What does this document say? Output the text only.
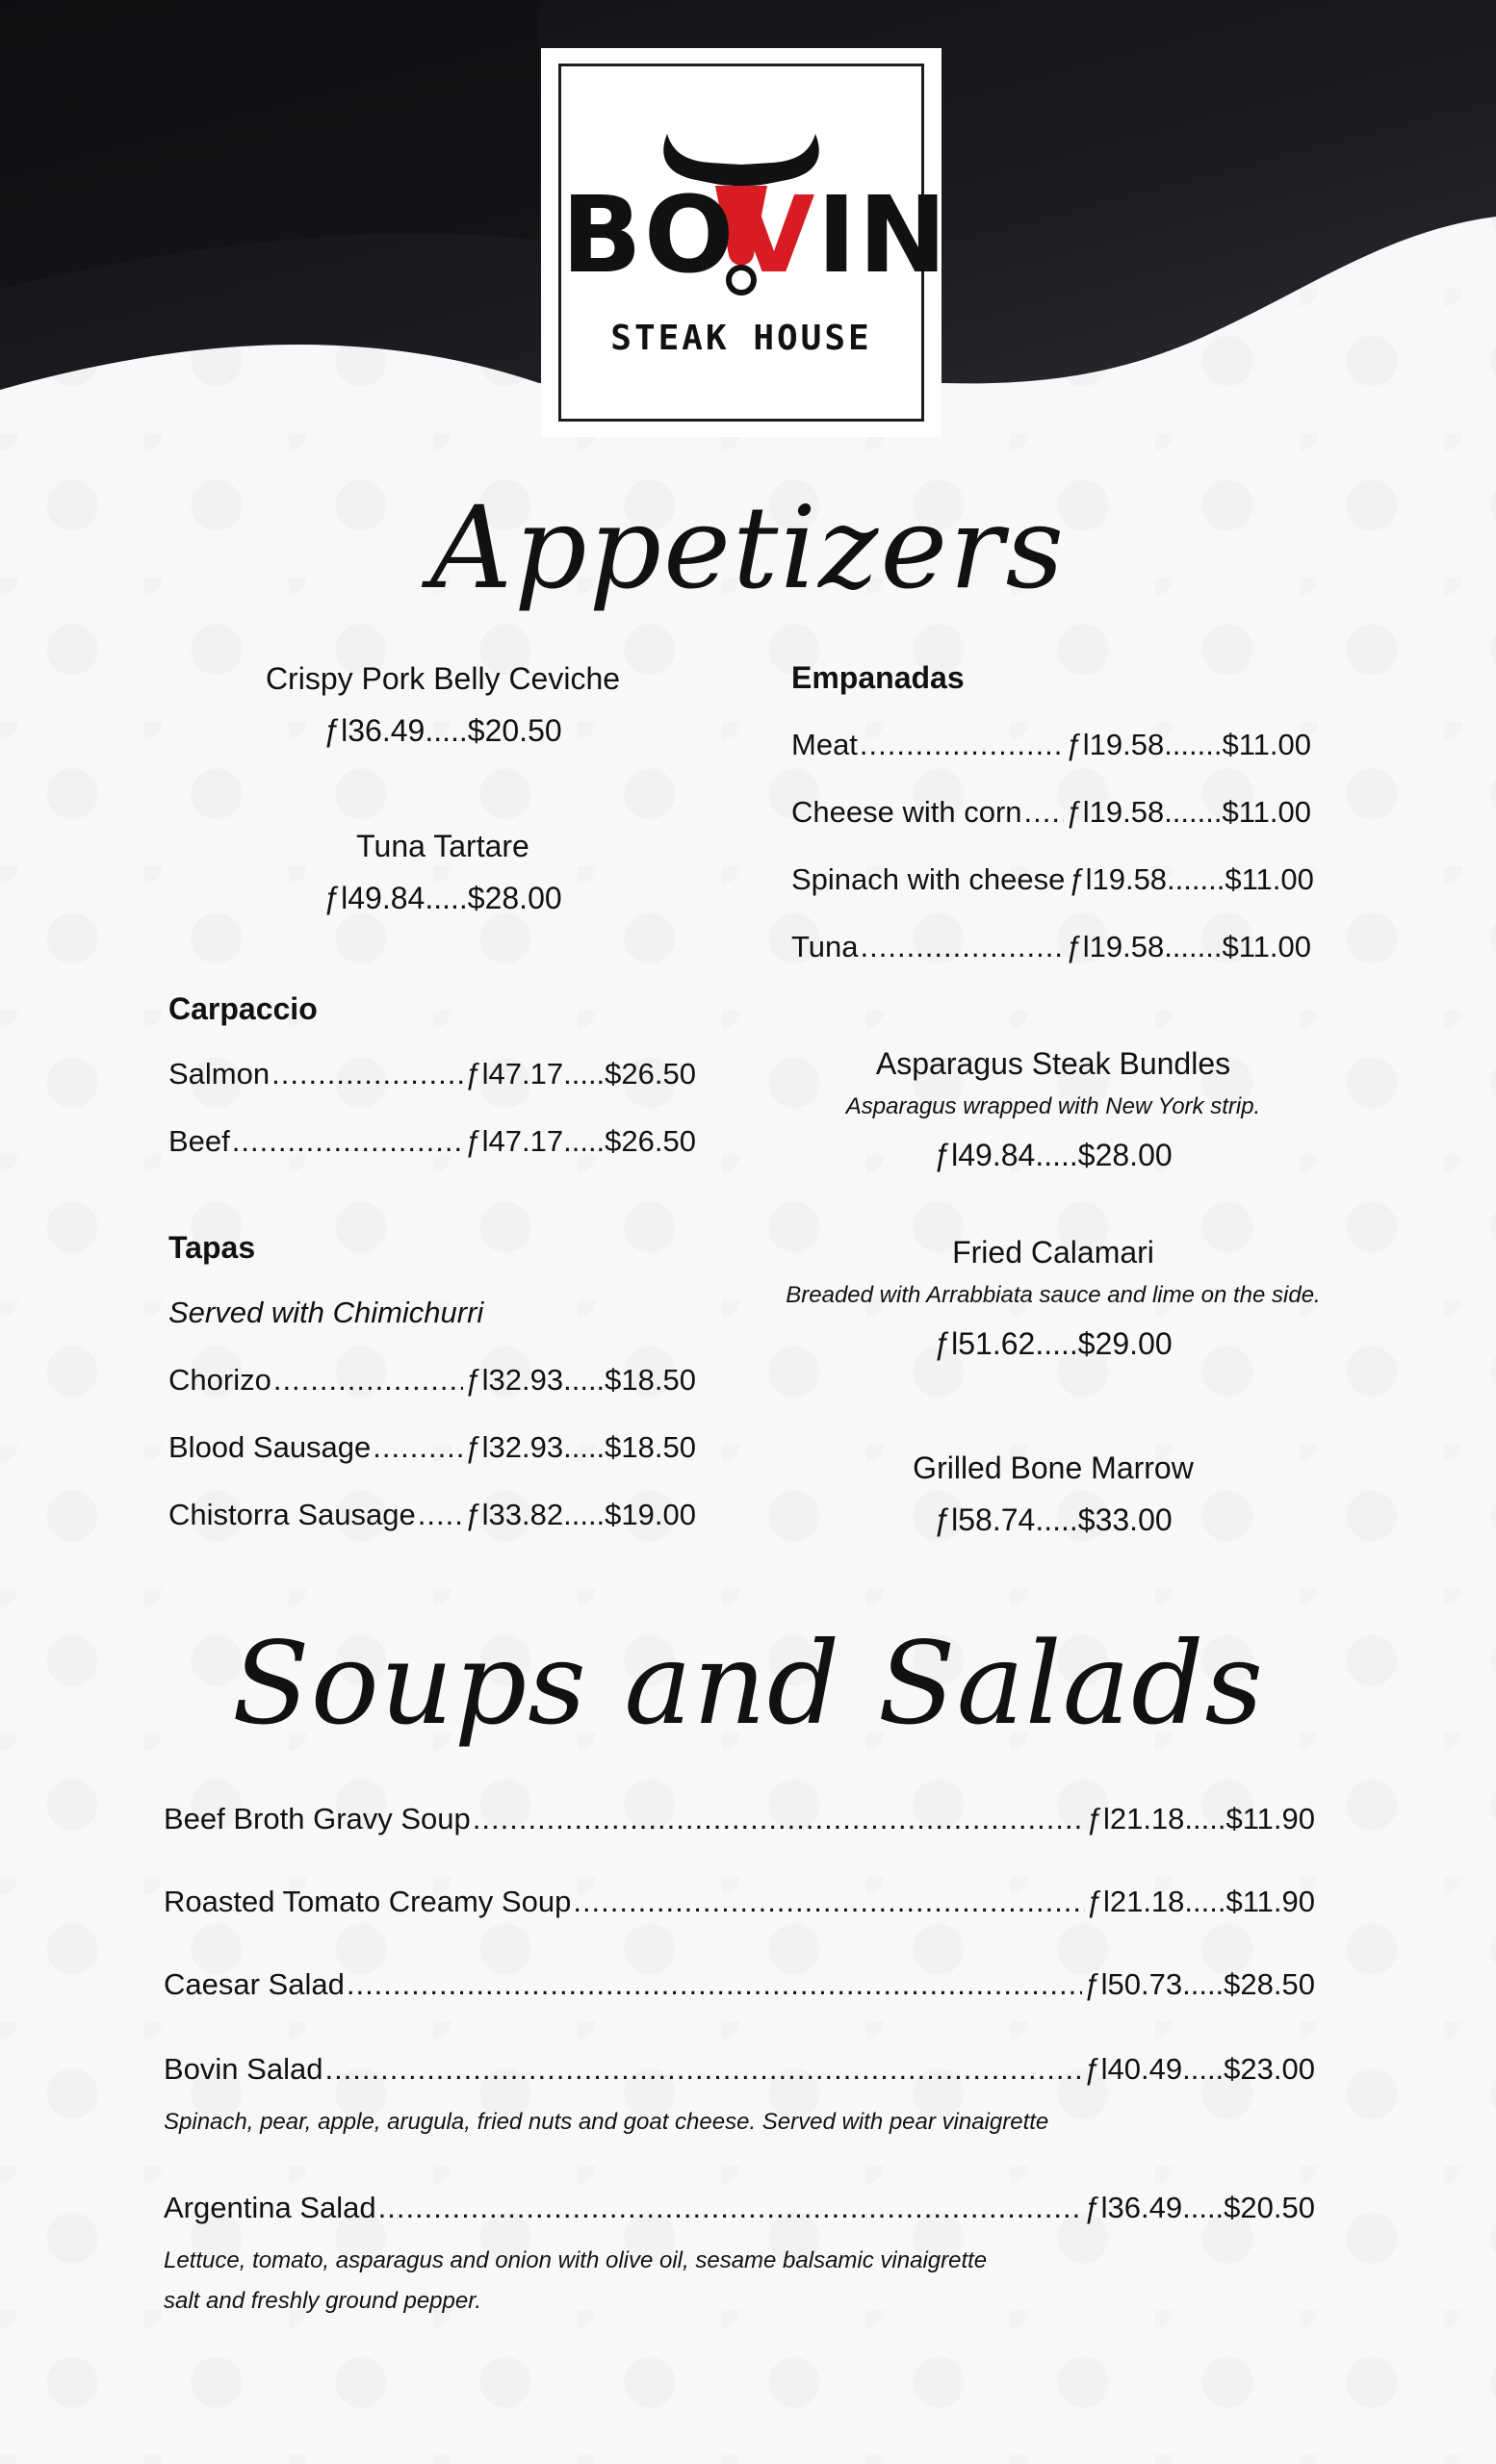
BOVIN
STEAK HOUSE
Appetizers
Crispy Pork Belly Ceviche
ƒl36.49.....$20.50
Tuna Tartare
ƒl49.84.....$28.00
Carpaccio
Salmon .....	ƒl47.17.....$26.50
Beef .....	ƒl47.17.....$26.50
Tapas
Served with Chimichurri
Chorizo .....	ƒl32.93.....$18.50
Blood Sausage .....	ƒl32.93.....$18.50
Chistorra Sausage ..... ƒl33.82.....$19.00
Empanadas
Meat .....	ƒl19.58.......$11.00
Cheese with corn ..... ƒl19.58.......$11.00
Spinach with cheese ƒl19.58.......$11.00
Tuna .....	ƒl19.58.......$11.00
Asparagus Steak Bundles
Asparagus wrapped with New York strip.
ƒl49.84.....$28.00
Fried Calamari
Breaded with Arrabbiata sauce and lime on the side.
ƒl51.62.....$29.00
Grilled Bone Marrow
ƒl58.74.....$33.00
Soups and Salads
Beef Broth Gravy Soup .....	ƒl21.18.....$11.90
Roasted Tomato Creamy Soup .....	ƒl21.18.....$11.90
Caesar Salad .....	ƒl50.73.....$28.50
Bovin Salad .....	ƒl40.49.....$23.00
Spinach, pear, apple, arugula, fried nuts and goat cheese. Served with pear vinaigrette
Argentina Salad .....	ƒl36.49.....$20.50
Lettuce, tomato, asparagus and onion with olive oil, sesame balsamic vinaigrette
salt and freshly ground pepper.
